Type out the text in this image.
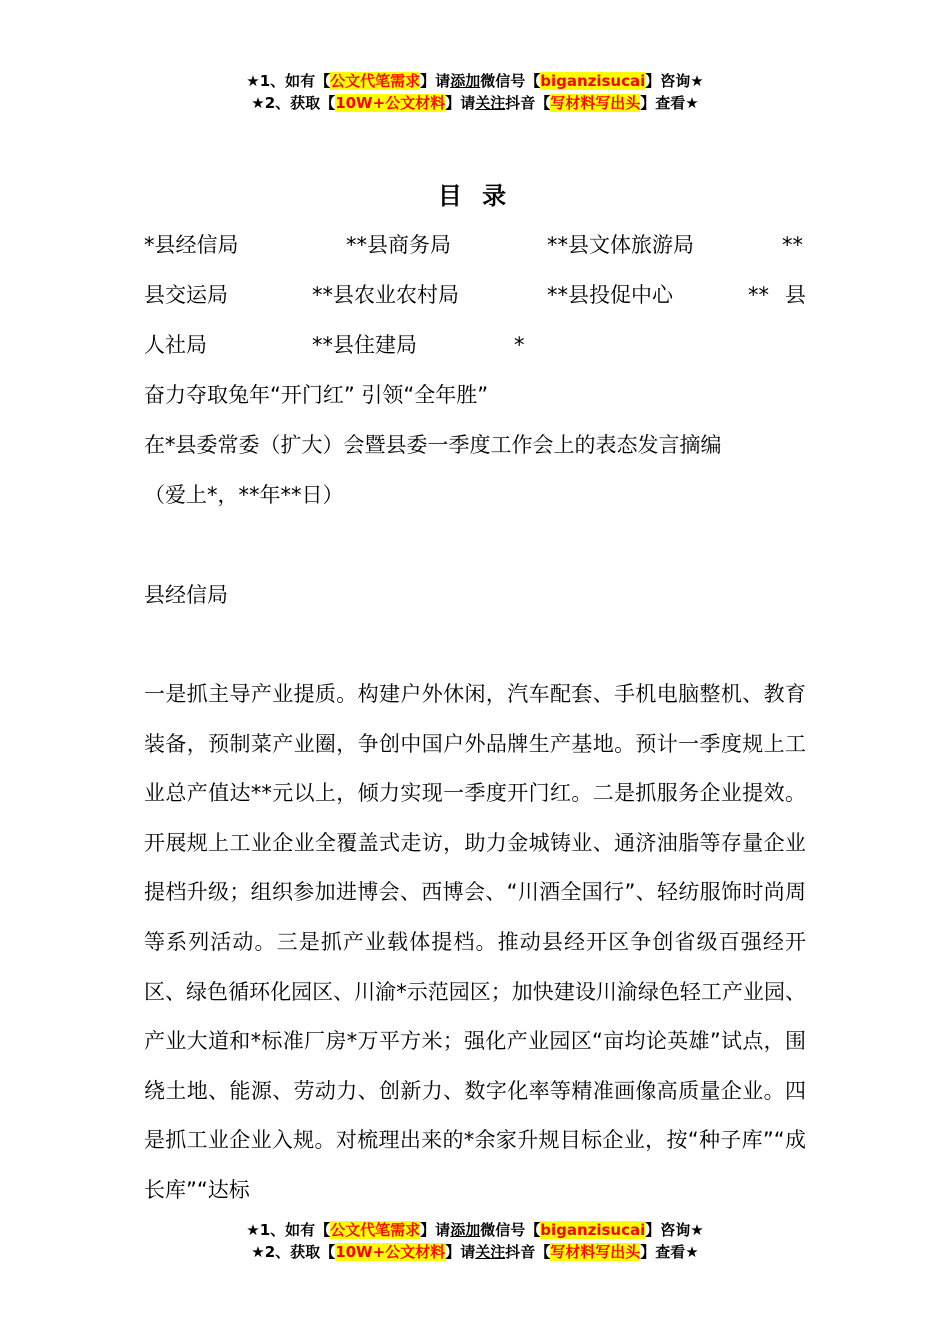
★1、如有【公文代笔需求】请添加微信号【biganzisucai】咨询★
★2、获取【10W+公文材料】请关注抖音【写材料写出头】查看★
目 录
*县经信局	**县商务局	**县文体旅游局	**
县交运局	**县农业农村局	**县投促中心	** 县
人社局	**县住建局	*
奋力夺取兔年“开门红” 引领“全年胜”
在*县委常委（扩大）会暨县委一季度工作会上的表态发言摘编
（爱上*，**年**日）
县经信局
一是抓主导产业提质。构建户外休闲，汽车配套、手机电脑整机、教育装备，预制菜产业圈，争创中国户外品牌生产基地。预计一季度规上工业总产值达**元以上，倾力实现一季度开门红。二是抓服务企业提效。开展规上工业企业全覆盖式走访，助力金城铸业、通济油脂等存量企业提档升级；组织参加进博会、西博会、“川酒全国行”、轻纺服饰时尚周等系列活动。三是抓产业载体提档。推动县经开区争创省级百强经开区、绿色循环化园区、川渝*示范园区；加快建设川渝绿色轻工产业园、产业大道和*标准厂房*万平方米；强化产业园区“亩均论英雄”试点，围绕土地、能源、劳动力、创新力、数字化率等精准画像高质量企业。四是抓工业企业入规。对梳理出来的*余家升规目标企业，按“种子库”“成长库”“达标
★1、如有【公文代笔需求】请添加微信号【biganzisucai】咨询★
★2、获取【10W+公文材料】请关注抖音【写材料写出头】查看★
